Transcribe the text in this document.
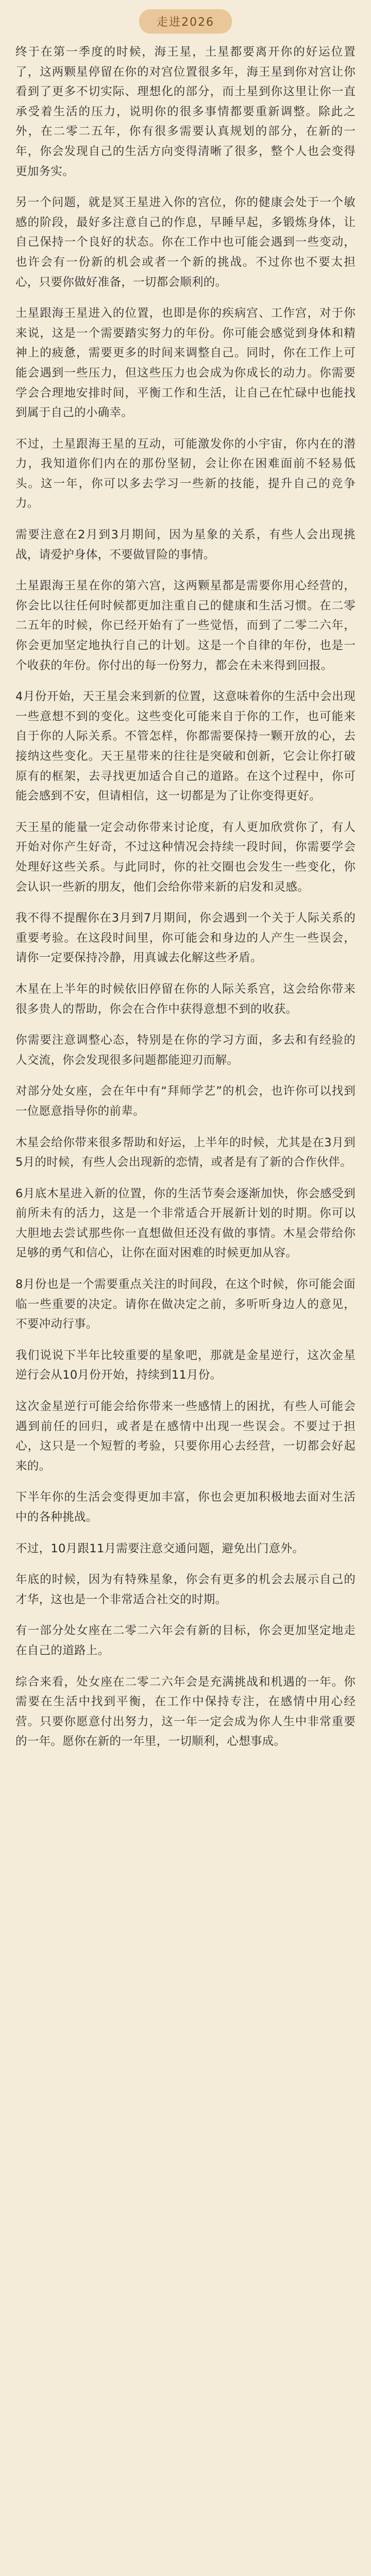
走进2026

终于在第一季度的时候，海王星，土星都要离开你的好运位置了，这两颗星停留在你的对宫位置很多年，海王星到你对宫让你看到了更多不切实际、理想化的部分，而土星到你这里让你一直承受着生活的压力，说明你的很多事情都要重新调整。除此之外，在二零二五年，你有很多需要认真规划的部分，在新的一年，你会发现自己的生活方向变得清晰了很多，整个人也会变得更加务实。

另一个问题，就是冥王星进入你的宫位，你的健康会处于一个敏感的阶段，最好多注意自己的作息，早睡早起，多锻炼身体，让自己保持一个良好的状态。你在工作中也可能会遇到一些变动，也许会有一份新的机会或者一个新的挑战。不过你也不要太担心，只要你做好准备，一切都会顺利的。

土星跟海王星进入的位置，也即是你的疾病宫、工作宫，对于你来说，这是一个需要踏实努力的年份。你可能会感觉到身体和精神上的疲惫，需要更多的时间来调整自己。同时，你在工作上可能会遇到一些压力，但这些压力也会成为你成长的动力。你需要学会合理地安排时间，平衡工作和生活，让自己在忙碌中也能找到属于自己的小确幸。

不过，土星跟海王星的互动，可能激发你的小宇宙，你内在的潜力，我知道你们内在的那份坚韧，会让你在困难面前不轻易低头。这一年，你可以多去学习一些新的技能，提升自己的竞争力。

需要注意在2月到3月期间，因为星象的关系，有些人会出现挑战，请爱护身体，不要做冒险的事情。

土星跟海王星在你的第六宫，这两颗星都是需要你用心经营的，你会比以往任何时候都更加注重自己的健康和生活习惯。在二零二五年的时候，你已经开始有了一些觉悟，而到了二零二六年，你会更加坚定地执行自己的计划。这是一个自律的年份，也是一个收获的年份。你付出的每一份努力，都会在未来得到回报。

4月份开始，天王星会来到新的位置，这意味着你的生活中会出现一些意想不到的变化。这些变化可能来自于你的工作，也可能来自于你的人际关系。不管怎样，你都需要保持一颗开放的心，去接纳这些变化。天王星带来的往往是突破和创新，它会让你打破原有的框架，去寻找更加适合自己的道路。在这个过程中，你可能会感到不安，但请相信，这一切都是为了让你变得更好。

天王星的能量一定会动你带来讨论度，有人更加欣赏你了，有人开始对你产生好奇，不过这种情况会持续一段时间，你需要学会处理好这些关系。与此同时，你的社交圈也会发生一些变化，你会认识一些新的朋友，他们会给你带来新的启发和灵感。

我不得不提醒你在3月到7月期间，你会遇到一个关于人际关系的重要考验。在这段时间里，你可能会和身边的人产生一些误会，请你一定要保持冷静，用真诚去化解这些矛盾。

木星在上半年的时候依旧停留在你的人际关系宫，这会给你带来很多贵人的帮助，你会在合作中获得意想不到的收获。

你需要注意调整心态，特别是在你的学习方面，多去和有经验的人交流，你会发现很多问题都能迎刃而解。

对部分处女座，会在年中有“拜师学艺”的机会，也许你可以找到一位愿意指导你的前辈。

木星会给你带来很多帮助和好运，上半年的时候，尤其是在3月到5月的时候，有些人会出现新的恋情，或者是有了新的合作伙伴。

6月底木星进入新的位置，你的生活节奏会逐渐加快，你会感受到前所未有的活力，这是一个非常适合开展新计划的时期。你可以大胆地去尝试那些你一直想做但还没有做的事情。木星会带给你足够的勇气和信心，让你在面对困难的时候更加从容。

8月份也是一个需要重点关注的时间段，在这个时候，你可能会面临一些重要的决定。请你在做决定之前，多听听身边人的意见，不要冲动行事。

我们说说下半年比较重要的星象吧，那就是金星逆行，这次金星逆行会从10月份开始，持续到11月份。

这次金星逆行可能会给你带来一些感情上的困扰，有些人可能会遇到前任的回归，或者是在感情中出现一些误会。不要过于担心，这只是一个短暂的考验，只要你用心去经营，一切都会好起来的。

下半年你的生活会变得更加丰富，你也会更加积极地去面对生活中的各种挑战。

不过，10月跟11月需要注意交通问题，避免出门意外。

年底的时候，因为有特殊星象，你会有更多的机会去展示自己的才华，这也是一个非常适合社交的时期。

有一部分处女座在二零二六年会有新的目标，你会更加坚定地走在自己的道路上。

综合来看，处女座在二零二六年会是充满挑战和机遇的一年。你需要在生活中找到平衡，在工作中保持专注，在感情中用心经营。只要你愿意付出努力，这一年一定会成为你人生中非常重要的一年。愿你在新的一年里，一切顺利，心想事成。
